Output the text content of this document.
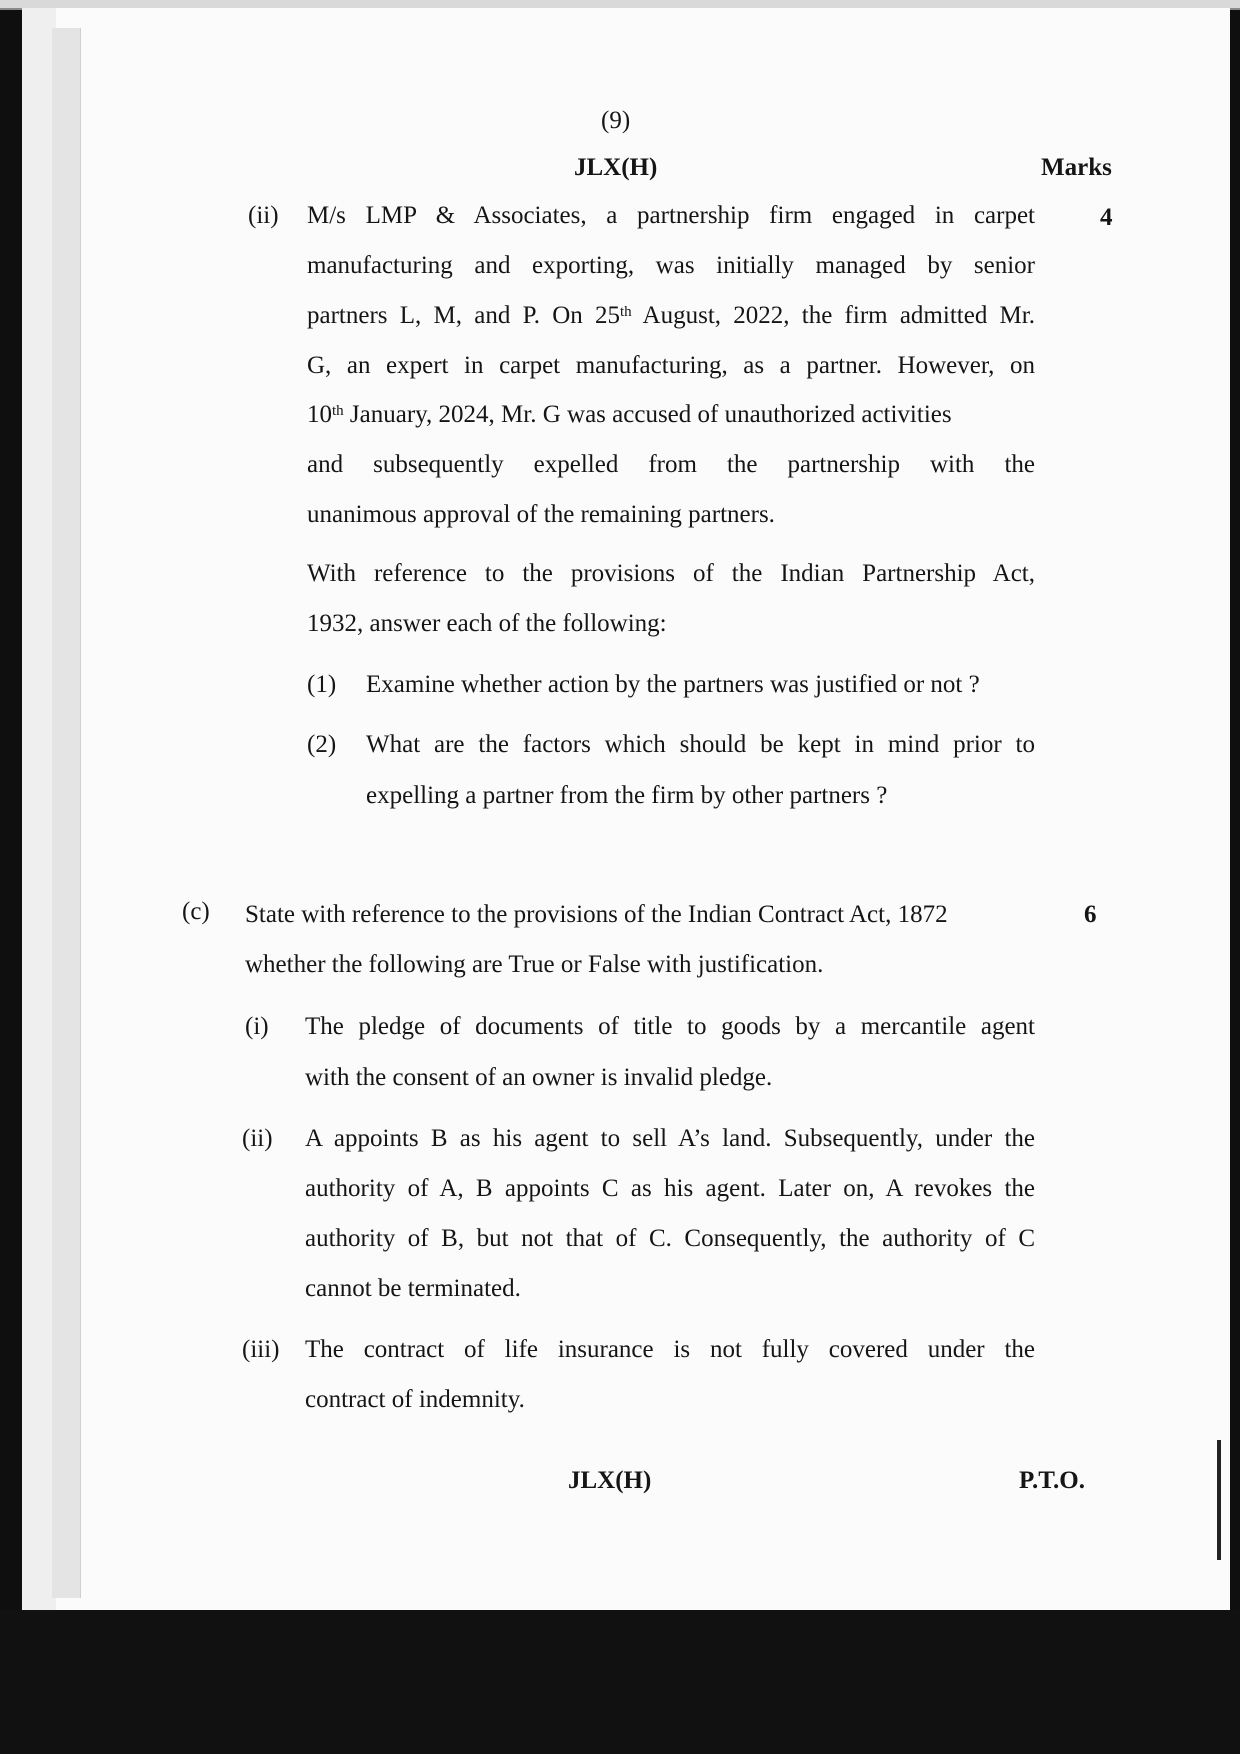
(9)
JLX(H)	Marks
(ii)	4
M/s LMP & Associates, a partnership firm engaged in carpet
manufacturing and exporting, was initially managed by senior
partners L, M, and P. On 25th August, 2022, the firm admitted Mr.
G, an expert in carpet manufacturing, as a partner. However, on
10th January, 2024, Mr. G was accused of unauthorized activities
and subsequently expelled from the partnership with the
unanimous approval of the remaining partners.
With reference to the provisions of the Indian Partnership Act,
1932, answer each of the following:
(1) Examine whether action by the partners was justified or not ?
(2) What are the factors which should be kept in mind prior to
expelling a partner from the firm by other partners ?
(c)	6
State with reference to the provisions of the Indian Contract Act, 1872
whether the following are True or False with justification.
(i) The pledge of documents of title to goods by a mercantile agent
with the consent of an owner is invalid pledge.
(ii) A appoints B as his agent to sell A’s land. Subsequently, under the
authority of A, B appoints C as his agent. Later on, A revokes the
authority of B, but not that of C. Consequently, the authority of C
cannot be terminated.
(iii) The contract of life insurance is not fully covered under the
contract of indemnity.
JLX(H)	P.T.O.
